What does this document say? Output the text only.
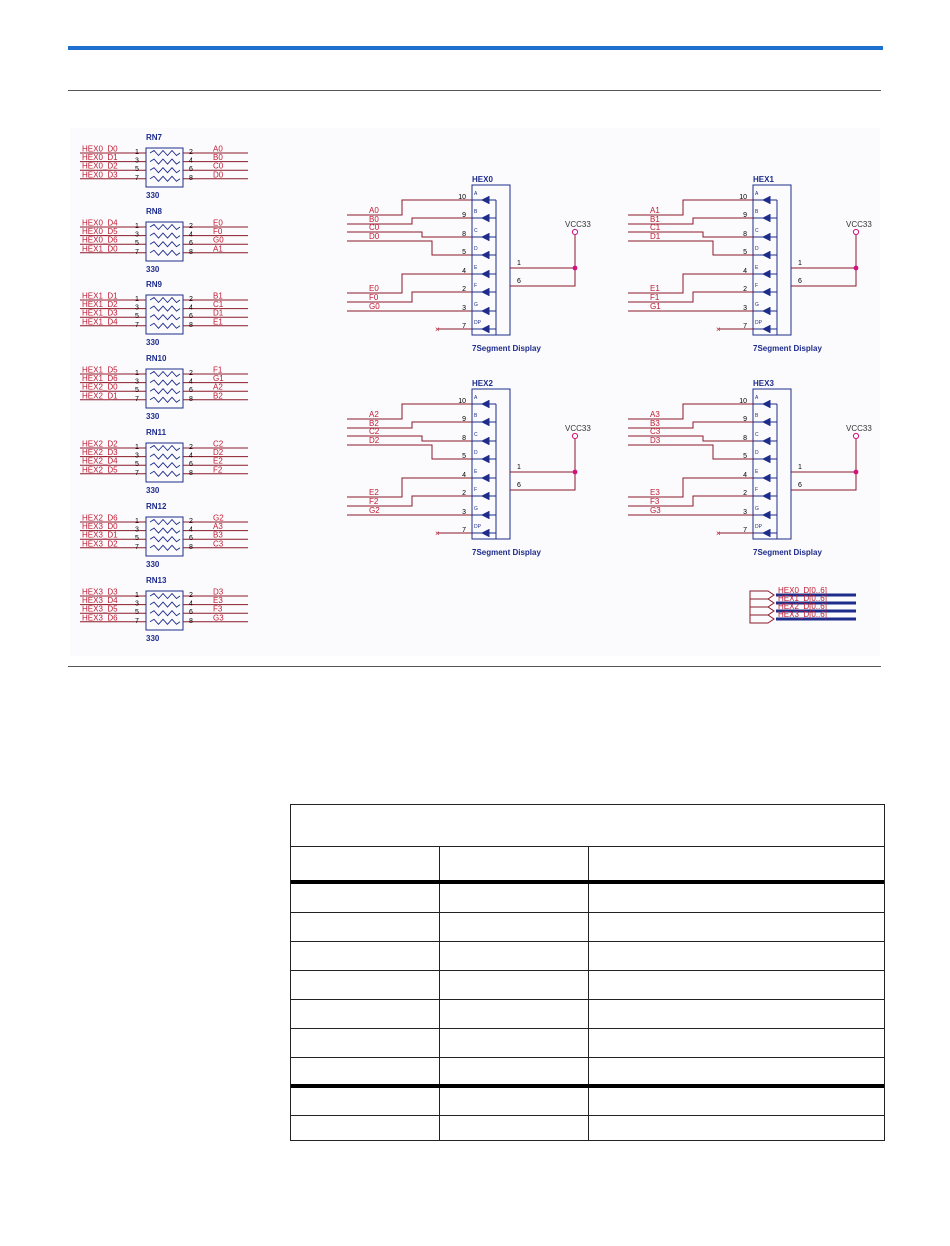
RN7
HEX0_D0 1	2	A0
HEX0_D1 3	4	B0
HEX0_D2 5	6	C0
HEX0_D3 7	8	D0
330
RN8
HEX0_D4 1	2	E0
HEX0_D5 3	4	F0
HEX0_D6 5	6	G0
HEX1_D0 7	8	A1
330
RN9
HEX1_D1 1	2	B1
HEX1_D2 3	4	C1
HEX1_D3 5	6	D1
HEX1_D4 7	8	E1
330
RN10
HEX1_D5 1	2	F1
HEX1_D6 3	4	G1
HEX2_D0 5	6	A2
HEX2_D1 7	8	B2
330
RN11
HEX2_D2 1	2	C2
HEX2_D3 3	4	D2
HEX2_D4 5	6	E2
HEX2_D5 7	8	F2
330
RN12
HEX2_D6 1	2	G2
HEX3_D0 3	4	A3
HEX3_D1 5	6	B3
HEX3_D2 7	8	C3
330
RN13
HEX3_D3 1	2	D3
HEX3_D4 3	4	E3
HEX3_D5 5	6	F3
HEX3_D6 7	8	G3
330
HEX0
A
10
B
9
C
8
D
5
E
4
F
2
G
3
DP
7
7Segment Display
A0
B0
C0
D0
E0
F0
G0
×
1
6
VCC33
HEX1
A
10
B
9
C
8
D
5
E
4
F
2
G
3
DP
7
7Segment Display
A1
B1
C1
D1
E1
F1
G1
×
1
6
VCC33
HEX2
A
10
B
9
C
8
D
5
E
4
F
2
G
3
DP
7
7Segment Display
A2
B2
C2
D2
E2
F2
G2
×
1
6
VCC33
HEX3
A
10
B
9
C
8
D
5
E
4
F
2
G
3
DP
7
7Segment Display
A3
B3
C3
D3
E3
F3
G3
×
1
6
VCC33
HEX0_D[0..6]
HEX1_D[0..6]
HEX2_D[0..6]
HEX3_D[0..6]
